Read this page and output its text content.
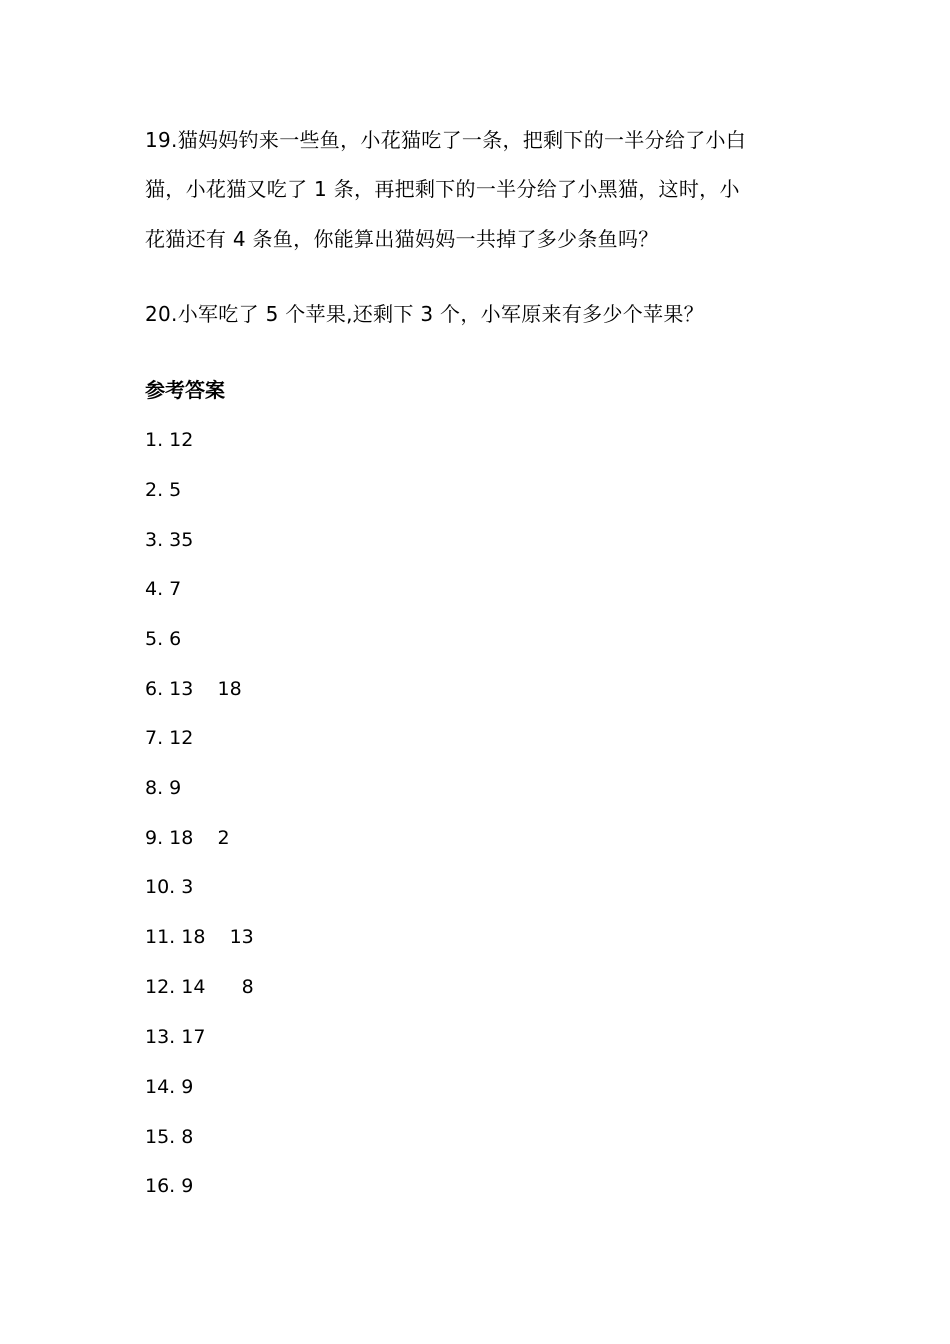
19.猫妈妈钓来一些鱼，小花猫吃了一条，把剩下的一半分给了小白
猫，小花猫又吃了 1 条，再把剩下的一半分给了小黑猫，这时，小
花猫还有 4 条鱼，你能算出猫妈妈一共掉了多少条鱼吗？
20.小军吃了 5 个苹果,还剩下 3 个，小军原来有多少个苹果？
参考答案
1. 12
2. 5
3. 35
4. 7
5. 6
6. 13    18
7. 12
8. 9
9. 18    2
10. 3
11. 18    13
12. 14      8
13. 17
14. 9
15. 8
16. 9
